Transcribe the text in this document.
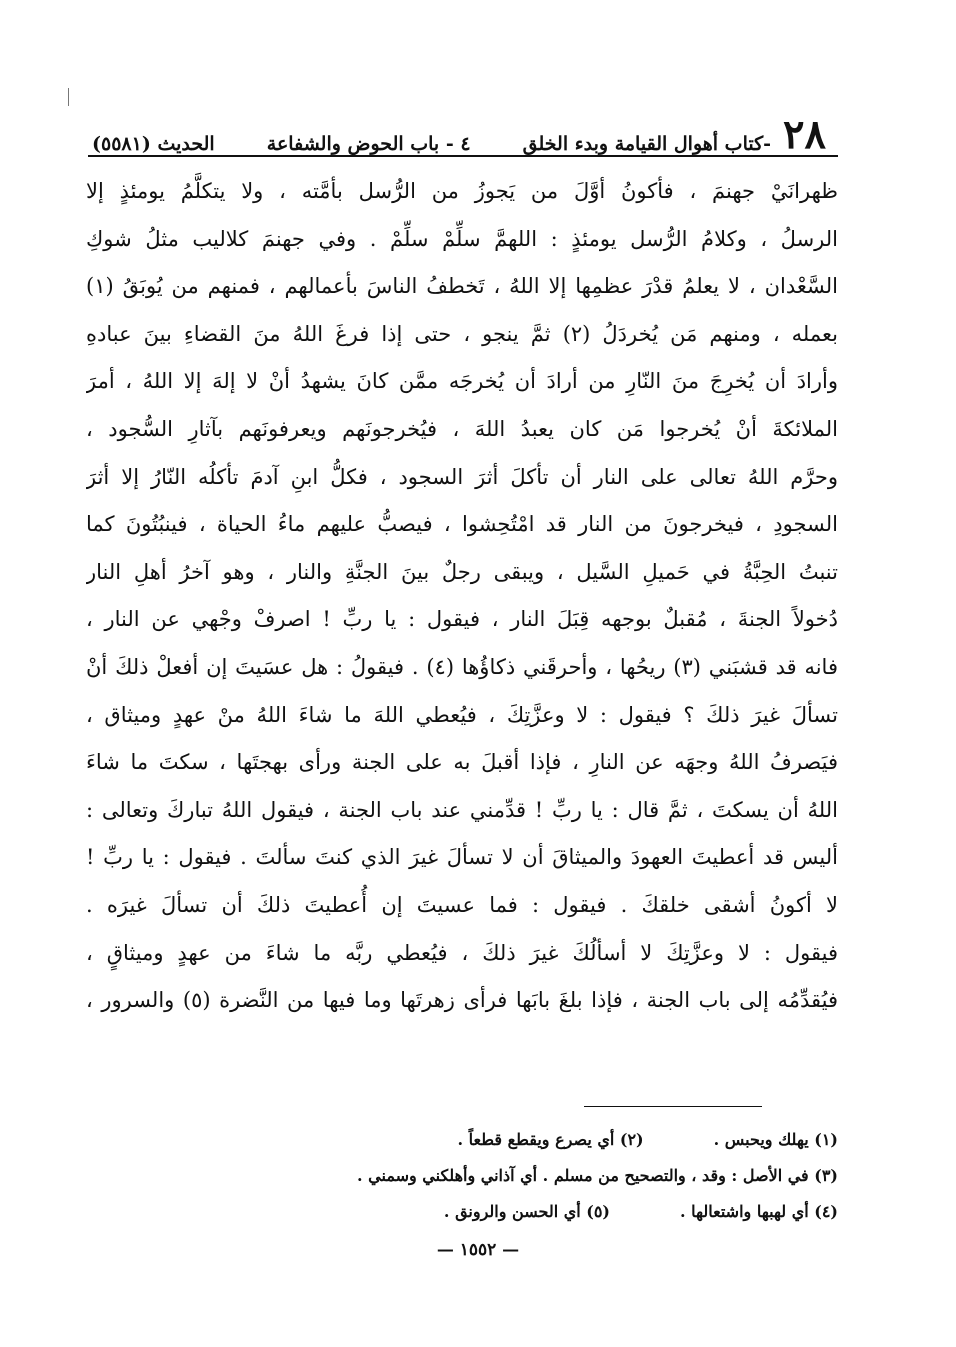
٢٨
-كتاب أهوال القيامة وبدء الخلق
٤ - باب الحوض والشفاعة
الحديث (٥٥٨١)
ظهرانَيْ جهنمَ ، فأكونُ أوَّلَ من يَجوزُ من الرُّسل بأمَّته ، ولا يتكلَّمُ يومئذٍ إلا
الرسلُ ، وكلامُ الرُّسل يومئذٍ : اللهمَّ سلِّمْ سلِّمْ . وفي جهنمَ كلاليب مثلُ شوكِ
السَّعْدان ، لا يعلمُ قدْرَ عظمِها إلا اللهُ ، تَخطفُ الناسَ بأعمالهم ، فمنهم من يُوبَقُ (١)
بعمله ، ومنهم مَن يُخردَلُ (٢) ثمَّ ينجو ، حتى إذا فرغَ اللهُ منَ القضاءِ بينَ عبادهِ
وأرادَ أن يُخرِجَ منَ النّارِ من أرادَ أن يُخرجَه ممَّن كانَ يشهدُ أنْ لا إلهَ إلا اللهُ ، أمرَ
الملائكةَ أنْ يُخرجوا مَن كان يعبدُ اللهَ ، فيُخرجونَهم ويعرفونَهم بآثارِ السُّجود ،
وحرَّم اللهُ تعالى على النار أن تأكلَ أثرَ السجود ، فكلُّ ابنِ آدمَ تأكلُه النّارُ إلا أثرَ
السجودِ ، فيخرجونَ من النار قد امْتُحِشوا ، فيصبُّ عليهم ماءُ الحياة ، فينبُتُونَ كما
تنبتُ الحِبَّةُ في حَميلِ السَّيل ، ويبقى رجلٌ بينَ الجنَّةِ والنار ، وهو آخرُ أهلِ النار
دُخولاً الجنةَ ، مُقبلٌ بوجهه قِبَلَ النار ، فيقول : يا ربِّ ! اصرفْ وجْهي عن النار ،
فانه قد قشبَني (٣) ريحُها ، وأحرقَني ذكاؤُها (٤) . فيقولُ : هل عسَيتَ إن أفعلْ ذلكَ أنْ
تسألَ غيرَ ذلكَ ؟ فيقول : لا وعزَّتِكَ ، فيُعطي اللهَ ما شاءَ اللهُ منْ عهدٍ وميثاق ،
فيَصرفُ اللهُ وجهَه عن النارِ ، فإذا أقبلَ به على الجنة ورأى بهجتَها ، سكتَ ما شاءَ
اللهُ أن يسكتَ ، ثمَّ قال : يا ربِّ ! قدِّمني عند باب الجنة ، فيقول اللهُ تباركَ وتعالى :
أليس قد أعطيتَ العهودَ والميثاقَ أن لا تسألَ غيرَ الذي كنتَ سألتَ . فيقول : يا ربِّ !
لا أكونُ أشقى خلقكَ . فيقول : فما عسيتَ إن أُعطيتَ ذلكَ أن تسألَ غيرَه .
فيقول : لا وعزَّتِكَ لا أسألُكَ غيرَ ذلكَ ، فيُعطي ربَّه ما شاءَ من عهدٍ وميثاقٍ ،
فيُقدِّمُه إلى باب الجنة ، فإذا بلغَ بابَها فرأى زهرتَها وما فيها من النَّضرة (٥) والسرور ،
(١) يهلك ويحبس .
(٢) أي يصرع ويقطع قطعاً .
(٣) في الأصل : وقد ، والتصحيح من مسلم . أي آذاني وأهلكني وسمني .
(٤) أي لهبها واشتعالها .
(٥) أي الحسن والرونق .
— ١٥٥٢ —
